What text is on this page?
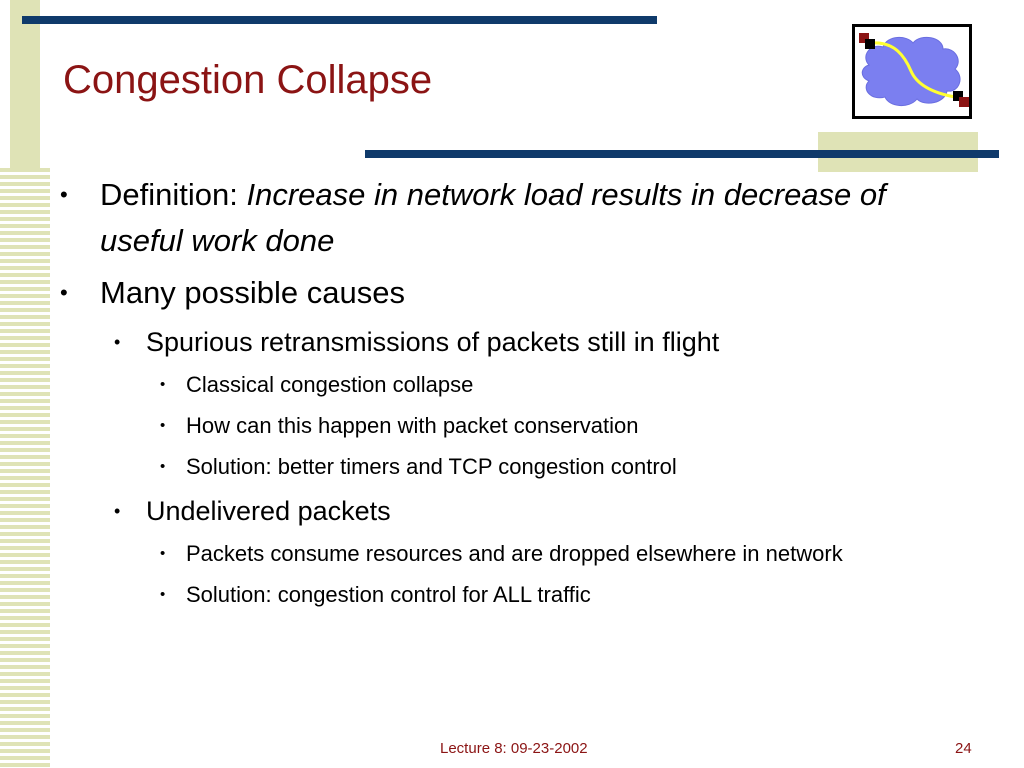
Congestion Collapse
•	Definition: Increase in network load results in decrease of useful work done
•	Many possible causes
• Spurious retransmissions of packets still in flight
• Classical congestion collapse
• How can this happen with packet conservation
• Solution: better timers and TCP congestion control
• Undelivered packets
• Packets consume resources and are dropped elsewhere in network
• Solution: congestion control for ALL traffic
Lecture 8: 09-23-2002	24
